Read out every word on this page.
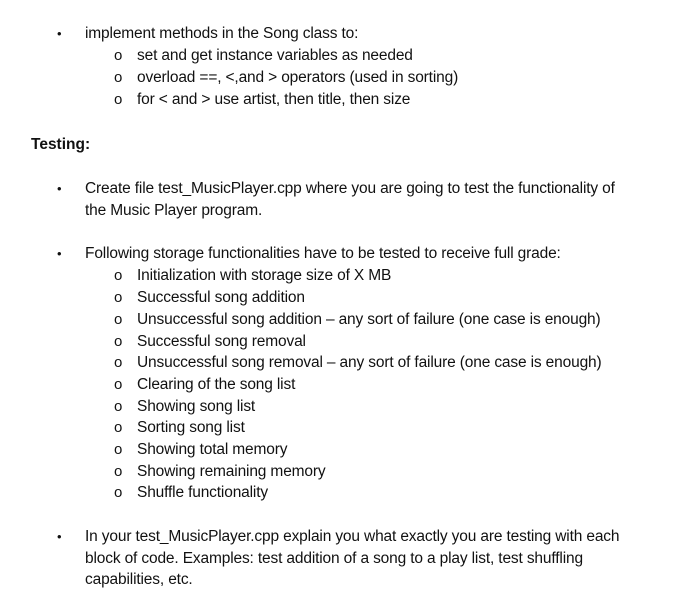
• implement methods in the Song class to:
o set and get instance variables as needed
o overload ==, <,and > operators (used in sorting)
o for < and > use artist, then title, then size
Testing:
• Create file test_MusicPlayer.cpp where you are going to test the functionality of
the Music Player program.
• Following storage functionalities have to be tested to receive full grade:
o Initialization with storage size of X MB
o Successful song addition
o Unsuccessful song addition – any sort of failure (one case is enough)
o Successful song removal
o Unsuccessful song removal – any sort of failure (one case is enough)
o Clearing of the song list
o Showing song list
o Sorting song list
o Showing total memory
o Showing remaining memory
o Shuffle functionality
• In your test_MusicPlayer.cpp explain you what exactly you are testing with each
block of code. Examples: test addition of a song to a play list, test shuffling
capabilities, etc.
